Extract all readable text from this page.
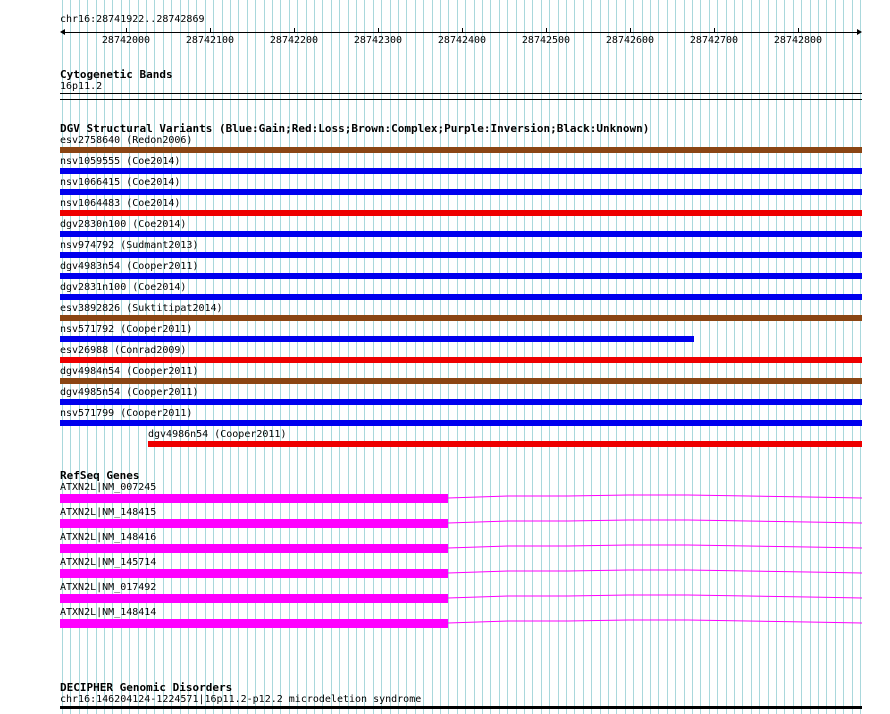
chr16:28741922..28742869
28742000	28742100	28742200	28742300	28742400	28742500	28742600	28742700	28742800
Cytogenetic Bands
16p11.2
DGV Structural Variants (Blue:Gain;Red:Loss;Brown:Complex;Purple:Inversion;Black:Unknown)
esv2758640 (Redon2006)
nsv1059555 (Coe2014)
nsv1066415 (Coe2014)
nsv1064483 (Coe2014)
dgv2830n100 (Coe2014)
nsv974792 (Sudmant2013)
dgv4983n54 (Cooper2011)
dgv2831n100 (Coe2014)
esv3892826 (Suktitipat2014)
nsv571792 (Cooper2011)
esv26988 (Conrad2009)
dgv4984n54 (Cooper2011)
dgv4985n54 (Cooper2011)
nsv571799 (Cooper2011)
dgv4986n54 (Cooper2011)
RefSeq Genes
ATXN2L|NM_007245
ATXN2L|NM_148415
ATXN2L|NM_148416
ATXN2L|NM_145714
ATXN2L|NM_017492
ATXN2L|NM_148414
DECIPHER Genomic Disorders
chr16:146204124-1224571|16p11.2-p12.2 microdeletion syndrome
